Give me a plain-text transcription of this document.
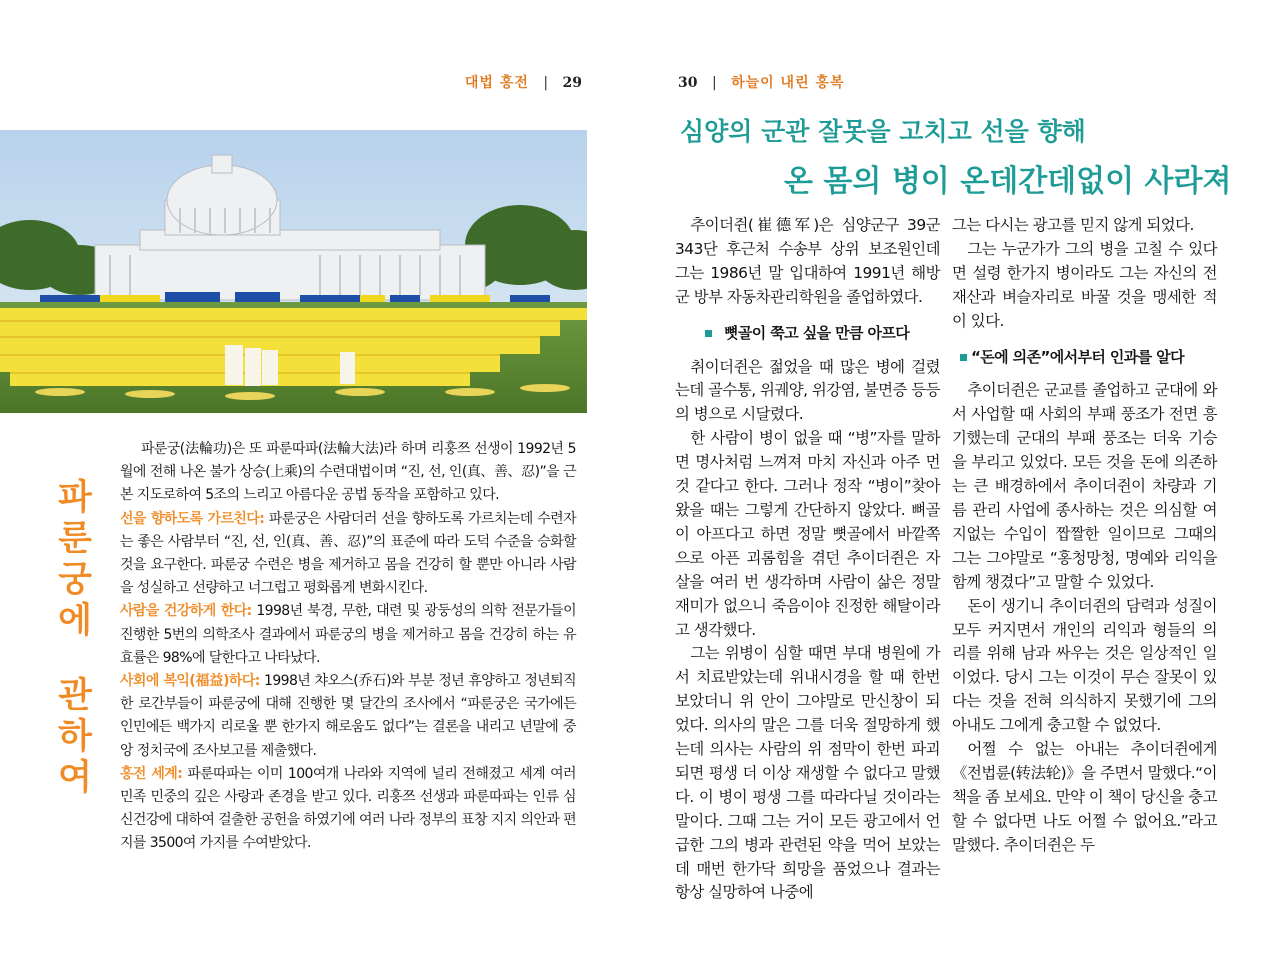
대법 홍전 | 29	30 | 하늘이 내린 홍복
파
룬
궁
에
관
하
여

파룬궁(法輪功)은 또 파룬따파(法輪大法)라 하며 리훙쯔 선생이 1992년 5월에 전해 나온 불가 상승(上乘)의 수련대법이며 “진, 선, 인(真、善、忍)”을 근본 지도로하여 5조의 느리고 아름다운 공법 동작을 포함하고 있다.

선을 향하도록 가르친다: 파룬궁은 사람더러 선을 향하도록 가르치는데 수련자는 좋은 사람부터 “진, 선, 인(真、善、忍)”의 표준에 따라 도덕 수준을 승화할 것을 요구한다. 파룬궁 수련은 병을 제거하고 몸을 건강히 할 뿐만 아니라 사람을 성실하고 선량하고 너그럽고 평화롭게 변화시킨다.

사람을 건강하게 한다: 1998년 북경, 무한, 대련 및 광둥성의 의학 전문가들이 진행한 5번의 의학조사 결과에서 파룬궁의 병을 제거하고 몸을 건강히 하는 유효률은 98%에 달한다고 나타났다.

사회에 복익(福益)하다: 1998년 챠오스(乔石)와 부분 정년 휴양하고 정년퇴직한 로간부들이 파룬궁에 대해 진행한 몇 달간의 조사에서 “파룬궁은 국가에든 인민에든 백가지 리로울 뿐 한가지 해로움도 없다”는 결론을 내리고 년말에 중앙 정치국에 조사보고를 제출했다.

홍전 세계: 파룬따파는 이미 100여개 나라와 지역에 널리 전해졌고 세계 여러 민족 민중의 깊은 사랑과 존경을 받고 있다. 리훙쯔 선생과 파룬따파는 인류 심신건강에 대하여 걸출한 공헌을 하였기에 여러 나라 정부의 표창 지지 의안과 편지를 3500여 가지를 수여받았다.

심양의 군관 잘못을 고치고 선을 향해
온 몸의 병이 온데간데없이 사라져

추이더쥔(崔德军)은 심양군구 39군 343단 후근처 수송부 상위 보조원인데 그는 1986년 말 입대하여 1991년 해방군 방부 자동차관리학원을 졸업하였다.

뼛골이 쭉고 싶을 만큼 아프다

취이더쥔은 젊었을 때 많은 병에 걸렸는데 골수통, 위궤양, 위강염, 불면증 등등의 병으로 시달렸다.

한 사람이 병이 없을 때 “병”자를 말하면 명사처럼 느껴져 마치 자신과 아주 먼 것 같다고 한다. 그러나 정작 “병이”찾아왔을 때는 그렇게 간단하지 않았다. 뼈골이 아프다고 하면 정말 뼛골에서 바깥쪽으로 아픈 괴롬힘을 겪던 추이더쥔은 자살을 여러 번 생각하며 사람이 삶은 정말 재미가 없으니 죽음이야 진정한 해탈이라고 생각했다.

그는 위병이 심할 때면 부대 병원에 가서 치료받았는데 위내시경을 할 때 한번 보았더니 위 안이 그야말로 만신창이 되었다. 의사의 말은 그를 더욱 절망하게 했는데 의사는 사람의 위 점막이 한번 파괴되면 평생 더 이상 재생할 수 없다고 말했다. 이 병이 평생 그를 따라다닐 것이라는 말이다. 그때 그는 거이 모든 광고에서 언급한 그의 병과 관련된 약을 먹어 보았는데 매번 한가닥 희망을 품었으나 결과는 항상 실망하여 나중에

그는 다시는 광고를 믿지 않게 되었다.

그는 누군가가 그의 병을 고칠 수 있다면 설령 한가지 병이라도 그는 자신의 전재산과 벼슬자리로 바꿀 것을 맹세한 적이 있다.

“돈에 의존”에서부터 인과를 알다

추이더쥔은 군교를 졸업하고 군대에 와서 사업할 때 사회의 부패 풍조가 전면 흥기했는데 군대의 부패 풍조는 더욱 기승을 부리고 있었다. 모든 것을 돈에 의존하는 큰 배경하에서 추이더쥔이 차량과 기름 관리 사업에 종사하는 것은 의심할 여지없는 수입이 짭짤한 일이므로 그때의 그는 그야말로 “홍청망청, 명예와 리익을 함께 챙겼다”고 말할 수 있었다.

돈이 생기니 추이더쥔의 담력과 성질이 모두 커지면서 개인의 리익과 형들의 의리를 위해 남과 싸우는 것은 일상적인 일이었다. 당시 그는 이것이 무슨 잘못이 있다는 것을 전혀 의식하지 못했기에 그의 아내도 그에게 충고할 수 없었다.

어쩔 수 없는 아내는 추이더쥔에게 《전법륜(转法轮)》을 주면서 말했다.“이 책을 좀 보세요. 만약 이 책이 당신을 충고할 수 없다면 나도 어쩔 수 없어요.”라고 말했다. 추이더쥔은 두
